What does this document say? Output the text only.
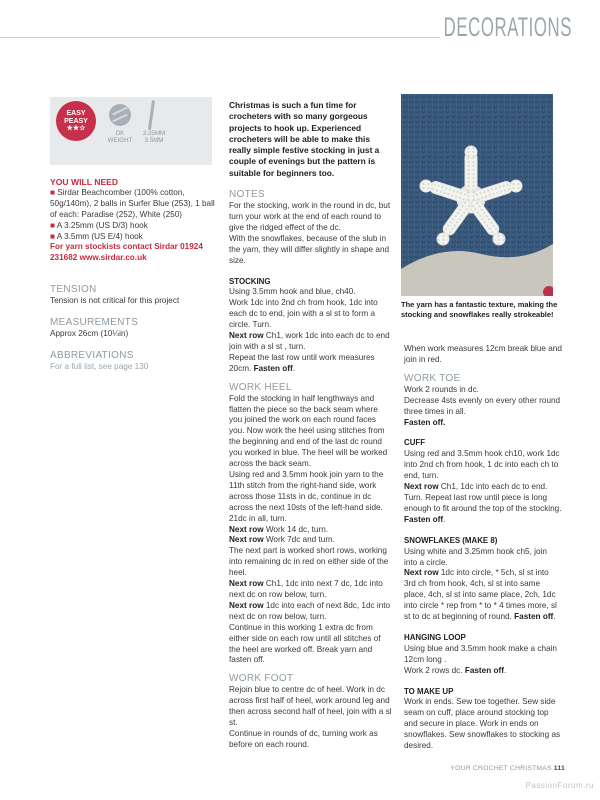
DECORATIONS
EASY
PEASY
★★☆
DK
WEIGHT
3.25MM
3.5MM

YOU WILL NEED

■ Sirdar Beachcomber (100% cotton, 50g/140m), 2 balls in Surfer Blue (253), 1 ball of each: Paradise (252), White (250)

■ A 3.25mm (US D/3) hook

■ A 3.5mm (US E/4) hook

For yarn stockists contact Sirdar 01924 231682 www.sirdar.co.uk

TENSION

Tension is not critical for this project

MEASUREMENTS

Approx 26cm (10¼in)

ABBREVIATIONS

For a full list, see page 130

Christmas is such a fun time for crocheters with so many gorgeous projects to hook up. Experienced crocheters will be able to make this really simple festive stocking in just a couple of evenings but the pattern is suitable for beginners too.

NOTES

For the stocking, work in the round in dc, but turn your work at the end of each round to give the ridged effect of the dc.

With the snowflakes, because of the slub in the yarn, they will differ slightly in shape and size.

STOCKING

Using 3.5mm hook and blue, ch40.

Work 1dc into 2nd ch from hook, 1dc into each dc to end, join with a sl st to form a circle. Turn.

Next row Ch1, work 1dc into each dc to end join with a sl st , turn.

Repeat the last row until work measures 20cm. Fasten off.

WORK HEEL

Fold the stocking in half lengthways and flatten the piece so the back seam where you joined the work on each round faces you. Now work the heel using stitches from the beginning and end of the last dc round you worked in blue. The heel will be worked across the back seam.

Using red and 3.5mm hook join yarn to the 11th stitch from the right-hand side, work across those 11sts in dc, continue in dc across the next 10sts of the left-hand side. 21dc in all, turn.

Next row Work 14 dc, turn.

Next row Work 7dc and turn.

The next part is worked short rows, working into remaining dc in red on either side of the heel.

Next row Ch1, 1dc into next 7 dc, 1dc into next dc on row below, turn.

Next row 1dc into each of next 8dc, 1dc into next dc on row below, turn.

Continue in this working 1 extra dc from either side on each row until all stitches of the heel are worked off. Break yarn and fasten off.

WORK FOOT

Rejoin blue to centre dc of heel. Work in dc across first half of heel, work around leg and then across second half of heel, join with a sl st.

Continue in rounds of dc, turning work as before on each round.

The yarn has a fantastic texture, making the stocking and snowflakes really strokeable!

When work measures 12cm break blue and join in red.

WORK TOE

Work 2 rounds in dc.

Decrease 4sts evenly on every other round three times in all.

Fasten off.

CUFF

Using red and 3.5mm hook ch10, work 1dc into 2nd ch from hook, 1 dc into each ch to end, turn.

Next row Ch1, 1dc into each dc to end.

Turn. Repeat last row until piece is long enough to fit around the top of the stocking. Fasten off.

SNOWFLAKES (MAKE 8)

Using white and 3.25mm hook ch5, join into a circle.

Next row 1dc into circle, * 5ch, sl st into 3rd ch from hook, 4ch, sl st into same place, 4ch, sl st into same place, 2ch, 1dc into circle * rep from * to * 4 times more, sl st to dc at beginning of round. Fasten off.

HANGING LOOP

Using blue and 3.5mm hook make a chain 12cm long .

Work 2 rows dc. Fasten off.

TO MAKE UP

Work in ends. Sew toe together. Sew side seam on cuff, place around stocking top and secure in place. Work in ends on snowflakes. Sew snowflakes to stocking as desired.

YOUR CROCHET CHRISTMAS 111
PassionForum.ru
